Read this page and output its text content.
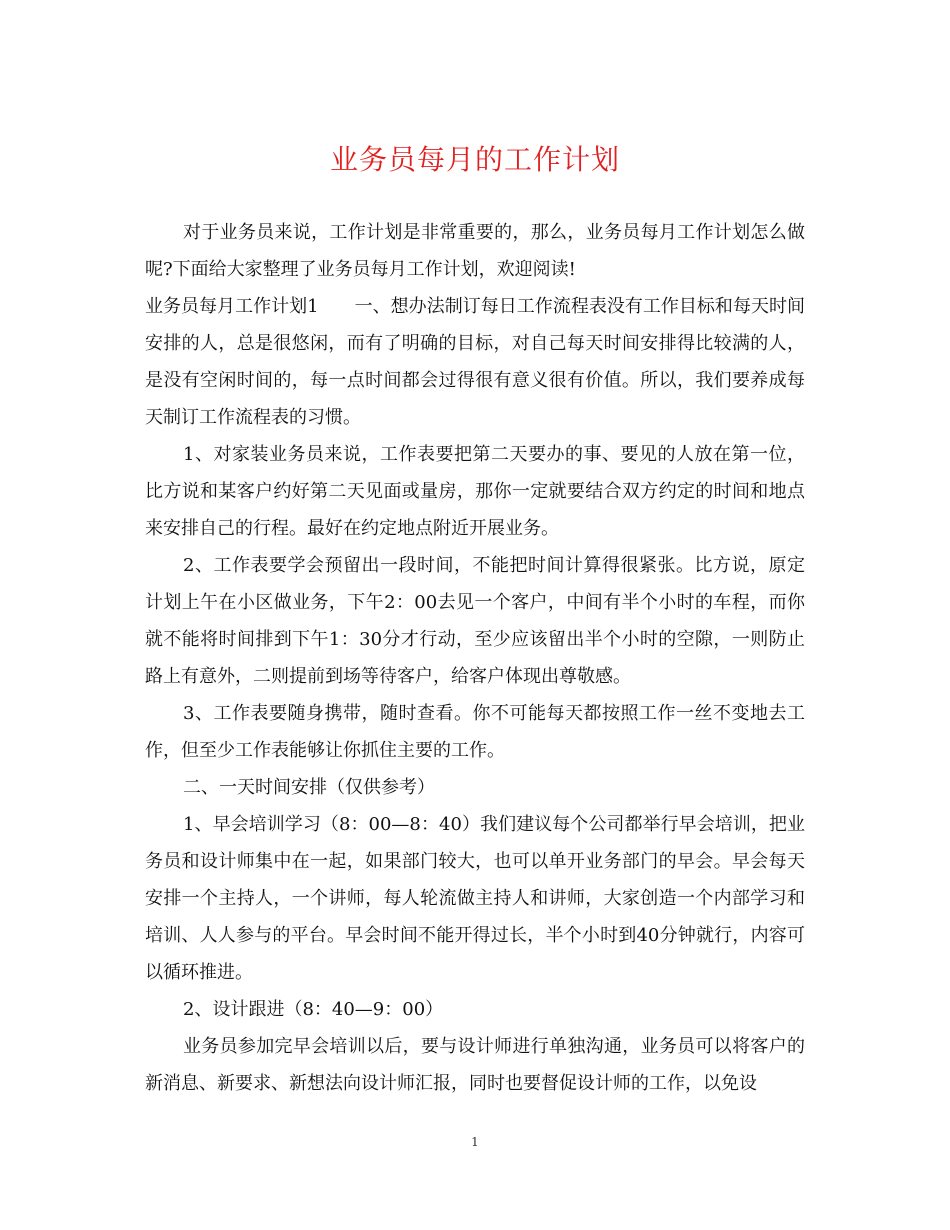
业务员每月的工作计划

对于业务员来说，工作计划是非常重要的，那么，业务员每月工作计划怎么做呢?下面给大家整理了业务员每月工作计划，欢迎阅读!

业务员每月工作计划1　　一、想办法制订每日工作流程表没有工作目标和每天时间安排的人，总是很悠闲，而有了明确的目标，对自己每天时间安排得比较满的人，是没有空闲时间的，每一点时间都会过得很有意义很有价值。所以，我们要养成每天制订工作流程表的习惯。

1、对家装业务员来说，工作表要把第二天要办的事、要见的人放在第一位，比方说和某客户约好第二天见面或量房，那你一定就要结合双方约定的时间和地点来安排自己的行程。最好在约定地点附近开展业务。

2、工作表要学会预留出一段时间，不能把时间计算得很紧张。比方说，原定计划上午在小区做业务，下午2：00去见一个客户，中间有半个小时的车程，而你就不能将时间排到下午1：30分才行动，至少应该留出半个小时的空隙，一则防止路上有意外，二则提前到场等待客户，给客户体现出尊敬感。

3、工作表要随身携带，随时查看。你不可能每天都按照工作一丝不变地去工作，但至少工作表能够让你抓住主要的工作。

二、一天时间安排（仅供参考）

1、早会培训学习（8：00—8：40）我们建议每个公司都举行早会培训，把业务员和设计师集中在一起，如果部门较大，也可以单开业务部门的早会。早会每天安排一个主持人，一个讲师，每人轮流做主持人和讲师，大家创造一个内部学习和培训、人人参与的平台。早会时间不能开得过长，半个小时到40分钟就行，内容可以循环推进。

2、设计跟进（8：40—9：00）

业务员参加完早会培训以后，要与设计师进行单独沟通，业务员可以将客户的新消息、新要求、新想法向设计师汇报，同时也要督促设计师的工作，以免设

1
